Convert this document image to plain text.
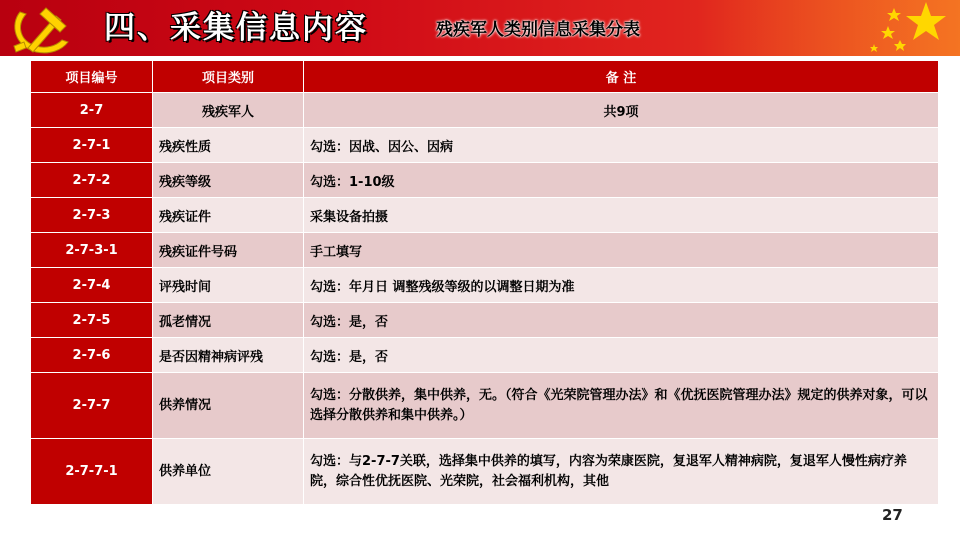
四、采集信息内容	残疾军人类别信息采集分表
项目编号	项目类别	备 注
2-7	残疾军人	共9项
2-7-1	残疾性质	勾选：因战、因公、因病
2-7-2	残疾等级	勾选：1-10级
2-7-3	残疾证件	采集设备拍摄
2-7-3-1	残疾证件号码	手工填写
2-7-4	评残时间	勾选：年月日 调整残级等级的以调整日期为准
2-7-5	孤老情况	勾选：是，否
2-7-6	是否因精神病评残	勾选：是，否
2-7-7	供养情况	勾选：分散供养，集中供养，无。（符合《光荣院管理办法》和《优抚医院管理办法》规定的供养对象，可以选择分散供养和集中供养。）
2-7-7-1	供养单位	勾选：与2-7-7关联，选择集中供养的填写，内容为荣康医院，复退军人精神病院，复退军人慢性病疗养院，综合性优抚医院、光荣院，社会福利机构，其他
27
